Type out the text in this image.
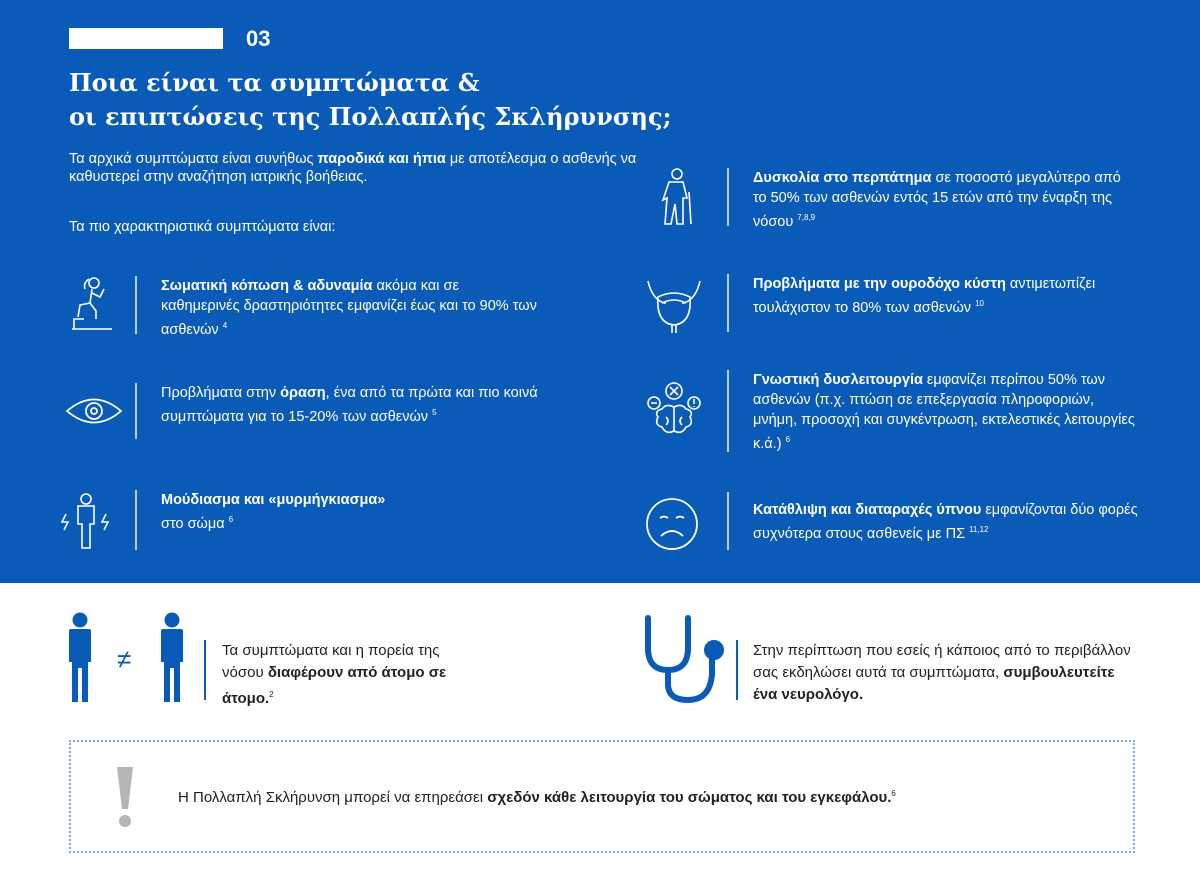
03
Ποια είναι τα συμπτώματα &
οι επιπτώσεις της Πολλαπλής Σκλήρυνσης;
Τα αρχικά συμπτώματα είναι συνήθως παροδικά και ήπια με αποτέλεσμα ο ασθενής να καθυστερεί στην αναζήτηση ιατρικής βοήθειας.
Τα πιο χαρακτηριστικά συμπτώματα είναι:
Σωματική κόπωση & αδυναμία ακόμα και σε καθημερινές δραστηριότητες εμφανίζει έως και το 90% των ασθενών $^4$
Προβλήματα στην όραση, ένα από τα πρώτα και πιο κοινά συμπτώματα για το 15-20% των ασθενών $^5$
Μούδιασμα και «μυρμήγκιασμα»
στο σώμα $^6$
Δυσκολία στο περπάτημα σε ποσοστό μεγαλύτερο από το 50% των ασθενών εντός 15 ετών από την έναρξη της νόσου $^{7,8,9}$
Προβλήματα με την ουροδόχο κύστη αντιμετωπίζει τουλάχιστον το 80% των ασθενών $^{10}$
Γνωστική δυσλειτουργία εμφανίζει περίπου 50% των ασθενών (π.χ. πτώση σε επεξεργασία πληροφοριών, μνήμη, προσοχή και συγκέντρωση, εκτελεστικές λειτουργίες κ.ά.) $^6$
Κατάθλιψη και διαταραχές ύπνου εμφανίζονται δύο φορές συχνότερα στους ασθενείς με ΠΣ $^{11,12}$
≠	Τα συμπτώματα και η πορεία της νόσου διαφέρουν από άτομο σε άτομο.$^2$
Στην περίπτωση που εσείς ή κάποιος από το περιβάλλον σας εκδηλώσει αυτά τα συμπτώματα, συμβουλευτείτε ένα νευρολόγο.
Η Πολλαπλή Σκλήρυνση μπορεί να επηρεάσει σχεδόν κάθε λειτουργία του σώματος και του εγκεφάλου.$^6$
